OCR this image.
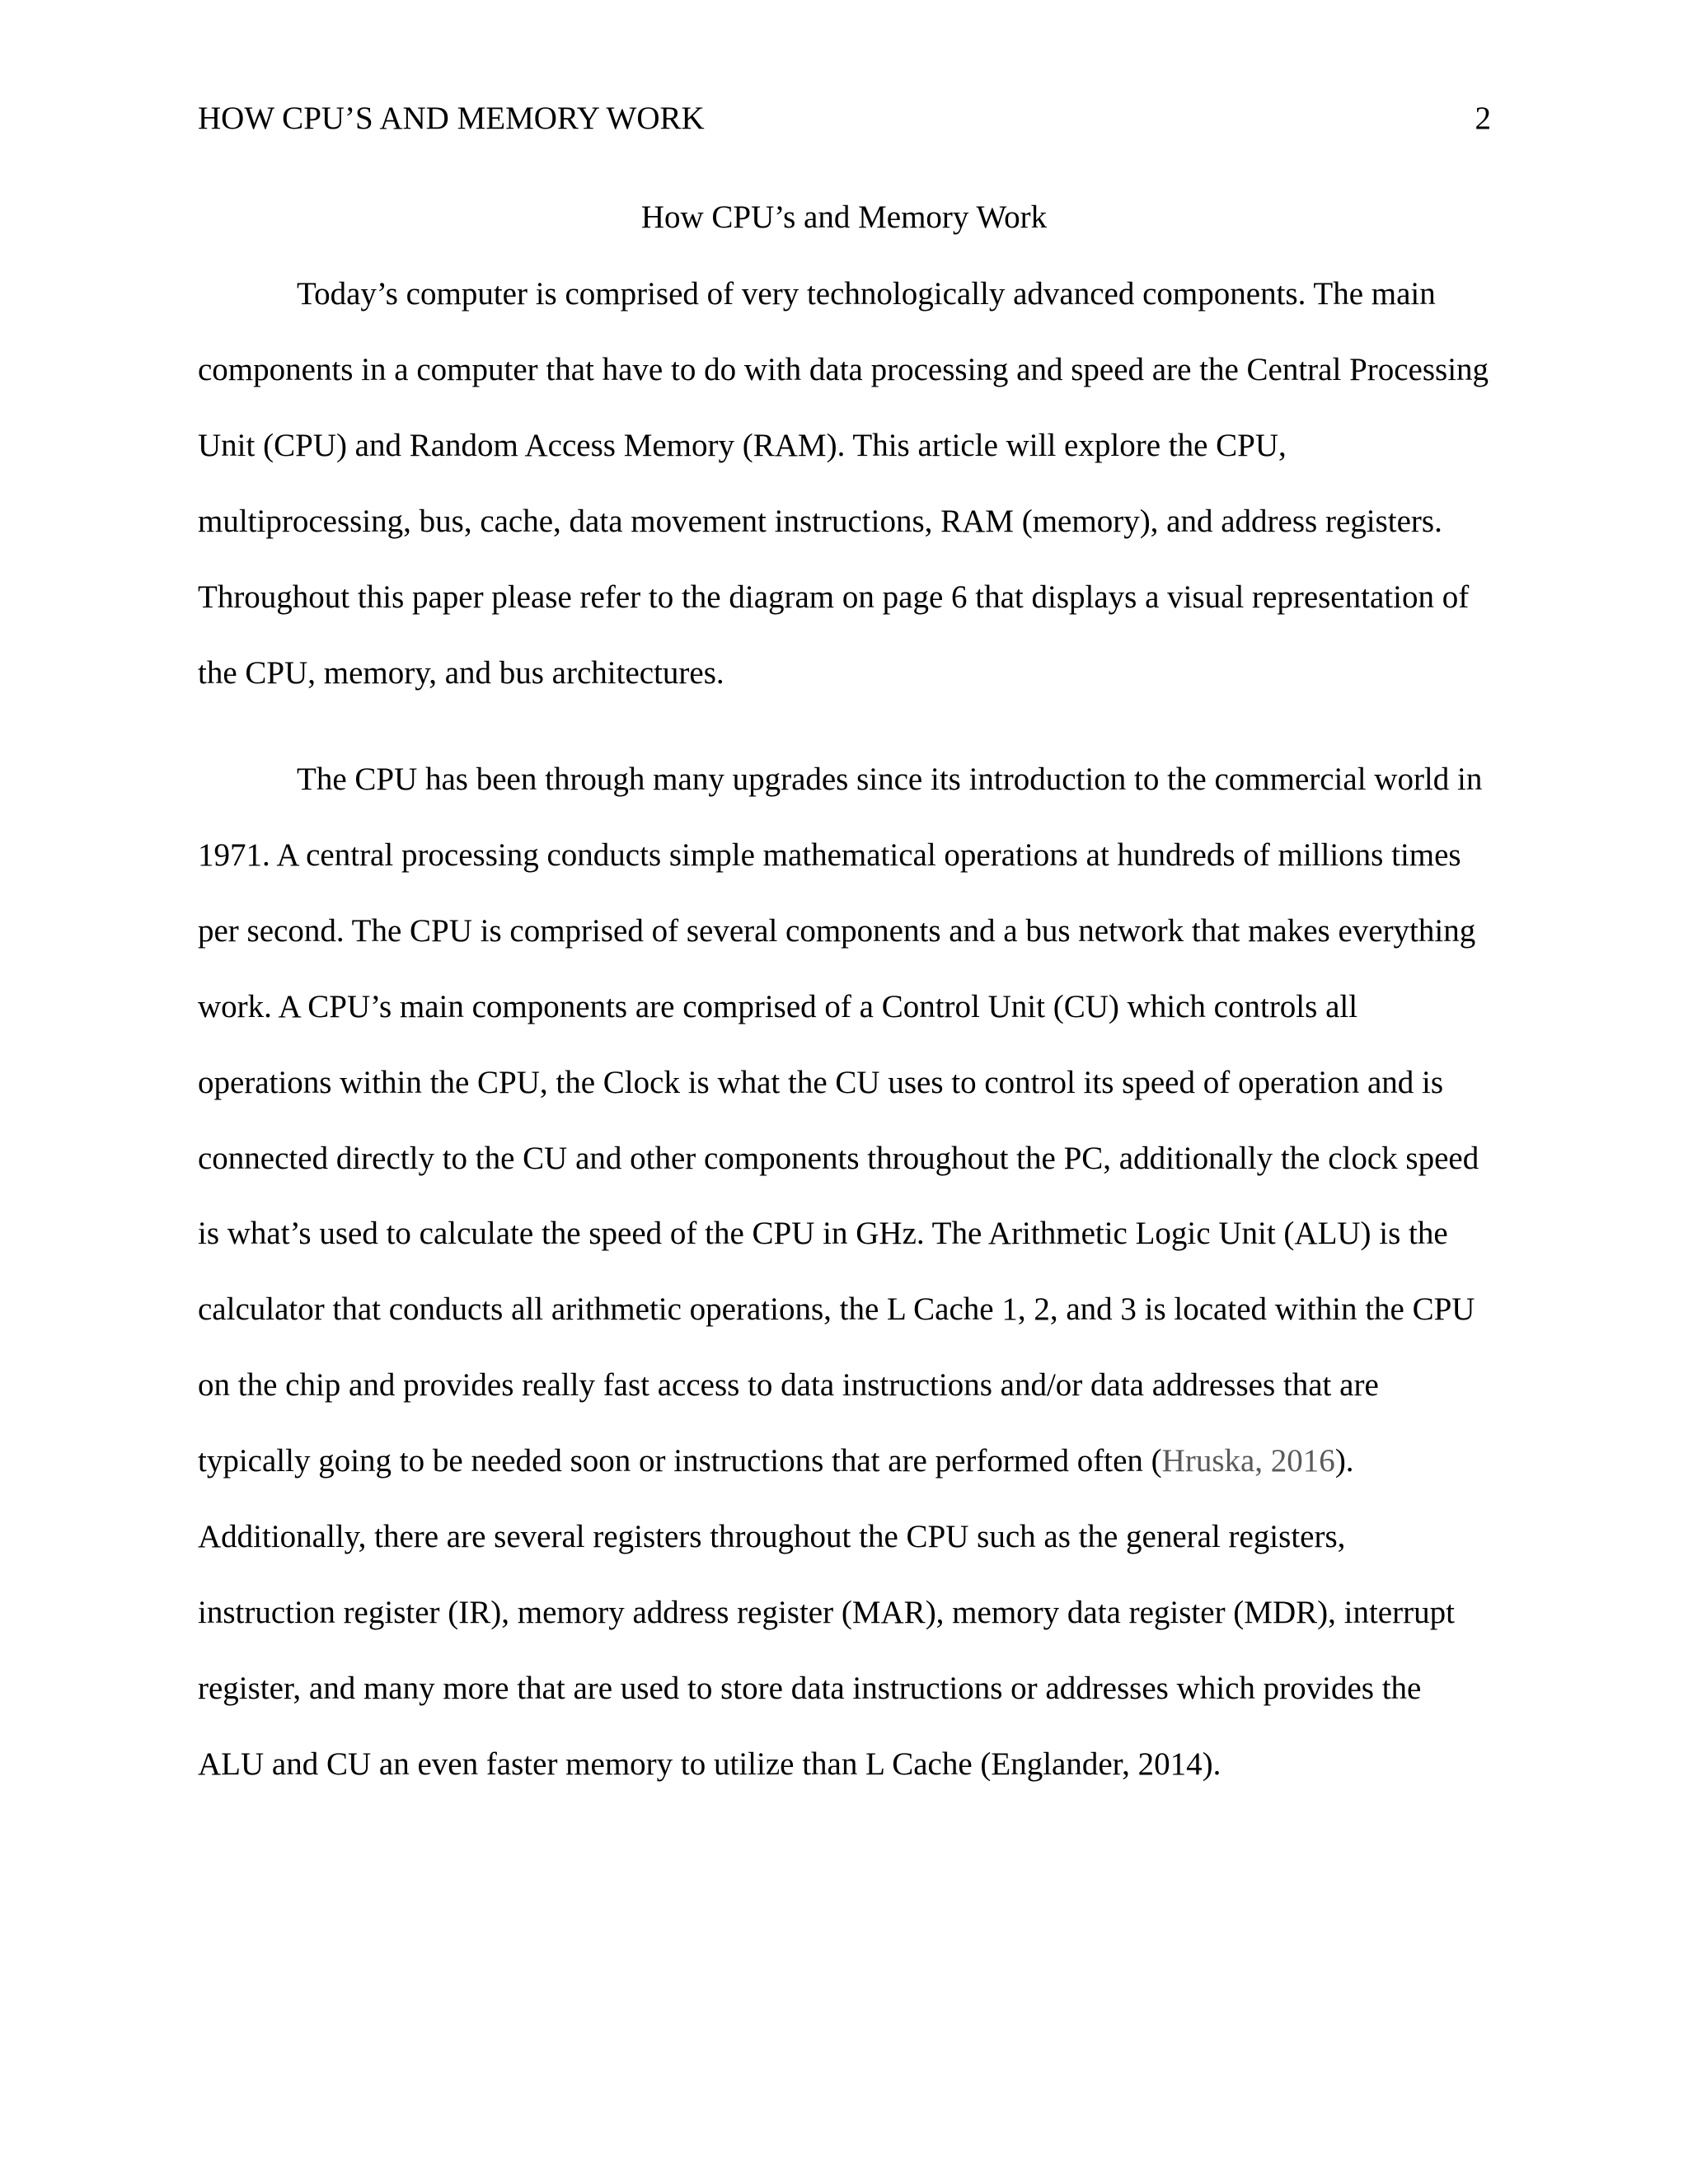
HOW CPU’S AND MEMORY WORK	2
How CPU’s and Memory Work

Today’s computer is comprised of very technologically advanced components. The main components in a computer that have to do with data processing and speed are the Central Processing Unit (CPU) and Random Access Memory (RAM). This article will explore the CPU, multiprocessing, bus, cache, data movement instructions, RAM (memory), and address registers. Throughout this paper please refer to the diagram on page 6 that displays a visual representation of the CPU, memory, and bus architectures.

The CPU has been through many upgrades since its introduction to the commercial world in 1971. A central processing conducts simple mathematical operations at hundreds of millions times per second. The CPU is comprised of several components and a bus network that makes everything work. A CPU’s main components are comprised of a Control Unit (CU) which controls all operations within the CPU, the Clock is what the CU uses to control its speed of operation and is connected directly to the CU and other components throughout the PC, additionally the clock speed is what’s used to calculate the speed of the CPU in GHz. The Arithmetic Logic Unit (ALU) is the calculator that conducts all arithmetic operations, the L Cache 1, 2, and 3 is located within the CPU on the chip and provides really fast access to data instructions and/or data addresses that are typically going to be needed soon or instructions that are performed often (Hruska, 2016). Additionally, there are several registers throughout the CPU such as the general registers, instruction register (IR), memory address register (MAR), memory data register (MDR), interrupt register, and many more that are used to store data instructions or addresses which provides the ALU and CU an even faster memory to utilize than L Cache (Englander, 2014).
